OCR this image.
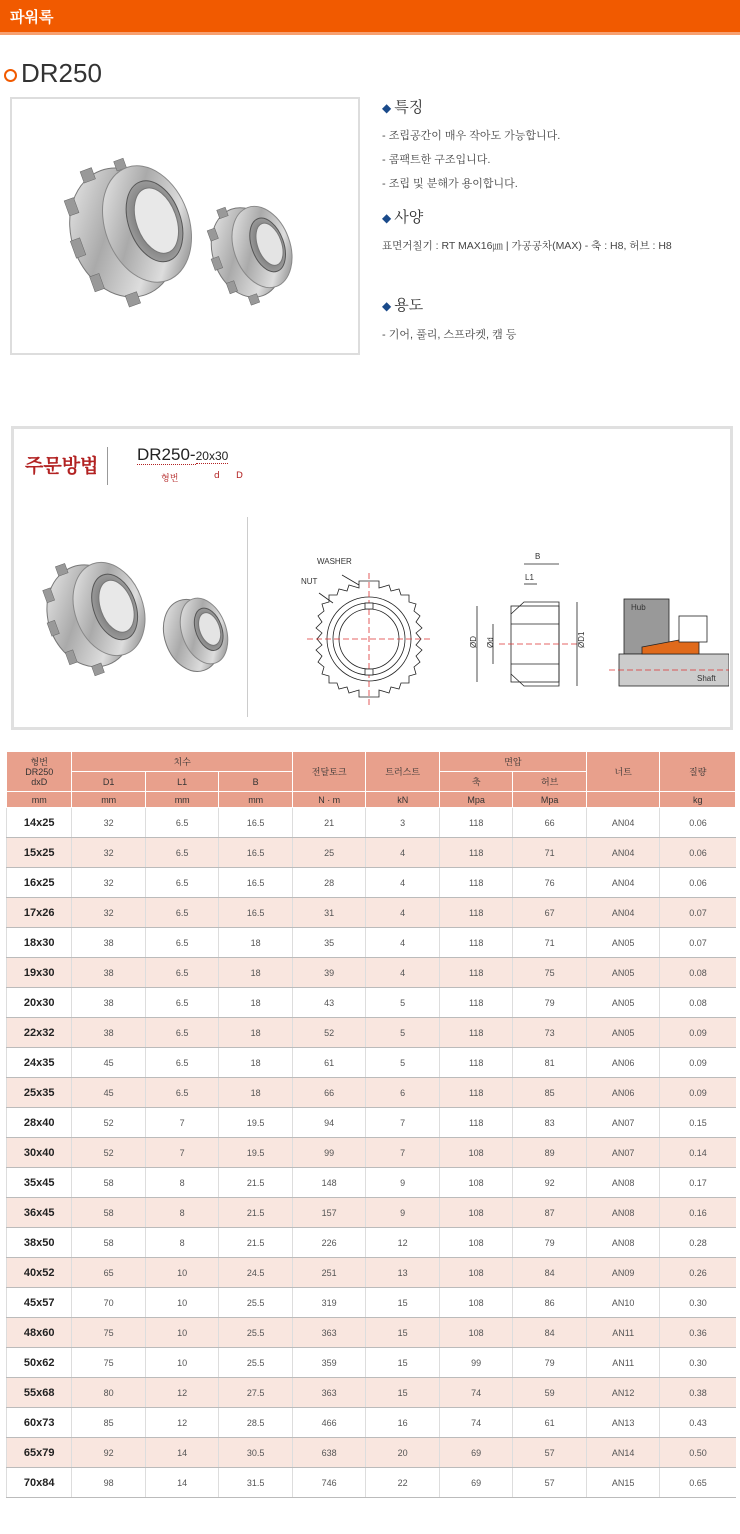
파워록
DR250
◆ 특징
- 조립공간이 매우 작아도 가능합니다.
- 콤팩트한 구조입니다.
- 조립 및 분해가 용이합니다.
◆ 사양
표면거칠기 : RT MAX16㎛ | 가공공차(MAX) - 축 : H8, 허브 : H8
◆ 용도
- 기어, 풀리, 스프라켓, 캠 등
주문방법
DR250-20x30
형번	d D
WASHER
NUT
B
L1
ØD Ød	ØD1
Hub
Shaft
형번
DR250
dxD	치수			전달토크	트러스트	면압		너트	질량
	D1	L1	B			축	허브		
mm	mm	mm	mm	N · m	kN	Mpa	Mpa		kg
14x25	32	6.5	16.5	21	3	118	66	AN04	0.06
15x25	32	6.5	16.5	25	4	118	71	AN04	0.06
16x25	32	6.5	16.5	28	4	118	76	AN04	0.06
17x26	32	6.5	16.5	31	4	118	67	AN04	0.07
18x30	38	6.5	18	35	4	118	71	AN05	0.07
19x30	38	6.5	18	39	4	118	75	AN05	0.08
20x30	38	6.5	18	43	5	118	79	AN05	0.08
22x32	38	6.5	18	52	5	118	73	AN05	0.09
24x35	45	6.5	18	61	5	118	81	AN06	0.09
25x35	45	6.5	18	66	6	118	85	AN06	0.09
28x40	52	7	19.5	94	7	118	83	AN07	0.15
30x40	52	7	19.5	99	7	108	89	AN07	0.14
35x45	58	8	21.5	148	9	108	92	AN08	0.17
36x45	58	8	21.5	157	9	108	87	AN08	0.16
38x50	58	8	21.5	226	12	108	79	AN08	0.28
40x52	65	10	24.5	251	13	108	84	AN09	0.26
45x57	70	10	25.5	319	15	108	86	AN10	0.30
48x60	75	10	25.5	363	15	108	84	AN11	0.36
50x62	75	10	25.5	359	15	99	79	AN11	0.30
55x68	80	12	27.5	363	15	74	59	AN12	0.38
60x73	85	12	28.5	466	16	74	61	AN13	0.43
65x79	92	14	30.5	638	20	69	57	AN14	0.50
70x84	98	14	31.5	746	22	69	57	AN15	0.65
